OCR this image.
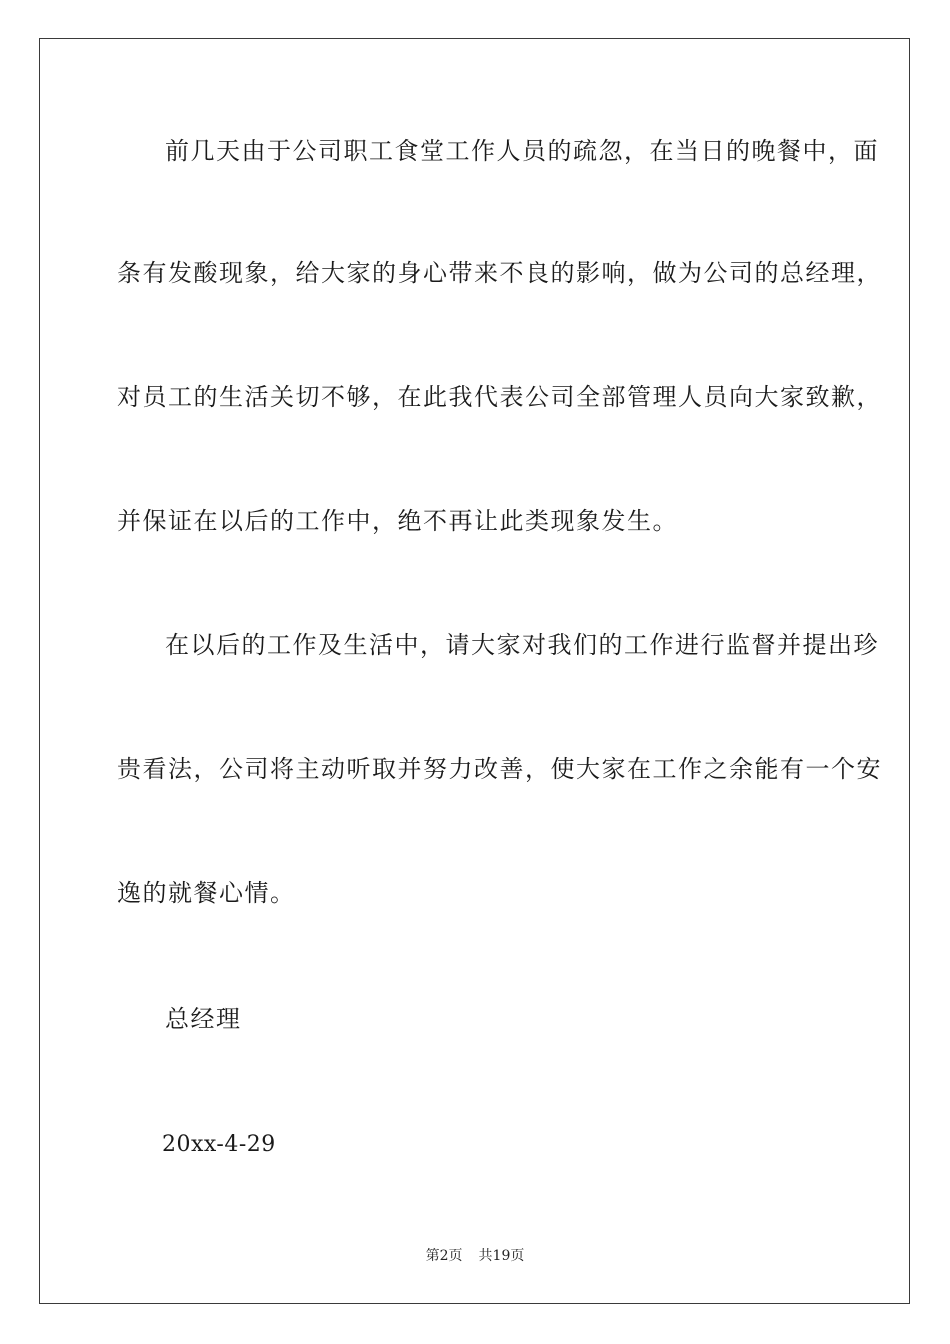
前几天由于公司职工食堂工作人员的疏忽，在当日的晚餐中，面
条有发酸现象，给大家的身心带来不良的影响，做为公司的总经理，
对员工的生活关切不够，在此我代表公司全部管理人员向大家致歉，
并保证在以后的工作中，绝不再让此类现象发生。
在以后的工作及生活中，请大家对我们的工作进行监督并提出珍
贵看法，公司将主动听取并努力改善，使大家在工作之余能有一个安
逸的就餐心情。
总经理
20xx-4-29
第2页 共19页
